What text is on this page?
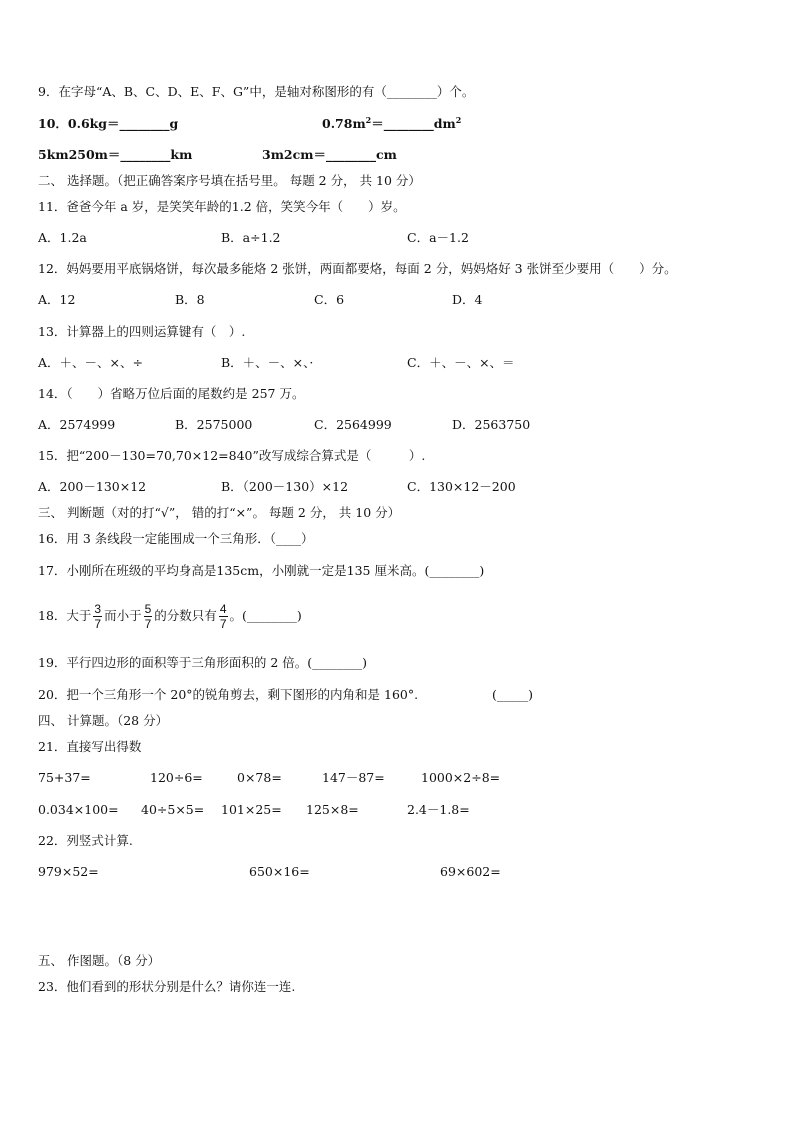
9．在字母“A、B、C、D、E、F、G”中，是轴对称图形的有（________）个。
10．0.6kg＝________g	$0.78m^2=\_\_\_\_\_\_\_\_dm^2$
5km250m＝________km	3m2cm＝________cm
二、 选择题。（把正确答案序号填在括号里。 每题 2 分， 共 10 分）
11．爸爸今年 a 岁，是笑笑年龄的1.2 倍，笑笑今年（　　）岁。
A．1.2a	B．a÷1.2	C．a－1.2
12．妈妈要用平底锅烙饼，每次最多能烙 2 张饼，两面都要烙，每面 2 分，妈妈烙好 3 张饼至少要用（　　）分。
A．12	B．8	C．6	D．4
13．计算器上的四则运算键有（　）.
A．＋、－、×、÷	B．＋、－、×、·	C．＋、－、×、＝
14．（　　）省略万位后面的尾数约是 257 万。
A．2574999	B．2575000	C．2564999	D．2563750
15．把“200－130=70,70×12=840”改写成综合算式是（　　　）.
A．200－130×12	B．（200－130）×12	C．130×12－200
三、 判断题（对的打“√”， 错的打“×”。 每题 2 分， 共 10 分）
16．用 3 条线段一定能围成一个三角形．（____）
17．小刚所在班级的平均身高是135cm，小刚就一定是135 厘米高。(________)
18．大于 $\frac{3}{7}$ 而小于 $\frac{5}{7}$ 的分数只有 $\frac{4}{7}$ 。(________)
19．平行四边形的面积等于三角形面积的 2 倍。(________)
20．把一个三角形一个 20°的锐角剪去，剩下图形的内角和是 160°.	(_____)
四、 计算题。（28 分）
21．直接写出得数
75+37=	120÷6=	0×78=	147－87=	1000×2÷8=
0.034×100= 40÷5×5= 101×25= 125×8=	2.4－1.8=
22．列竖式计算.
979×52=	650×16=	69×602=
五、 作图题。（8 分）
23．他们看到的形状分别是什么？请你连一连.
